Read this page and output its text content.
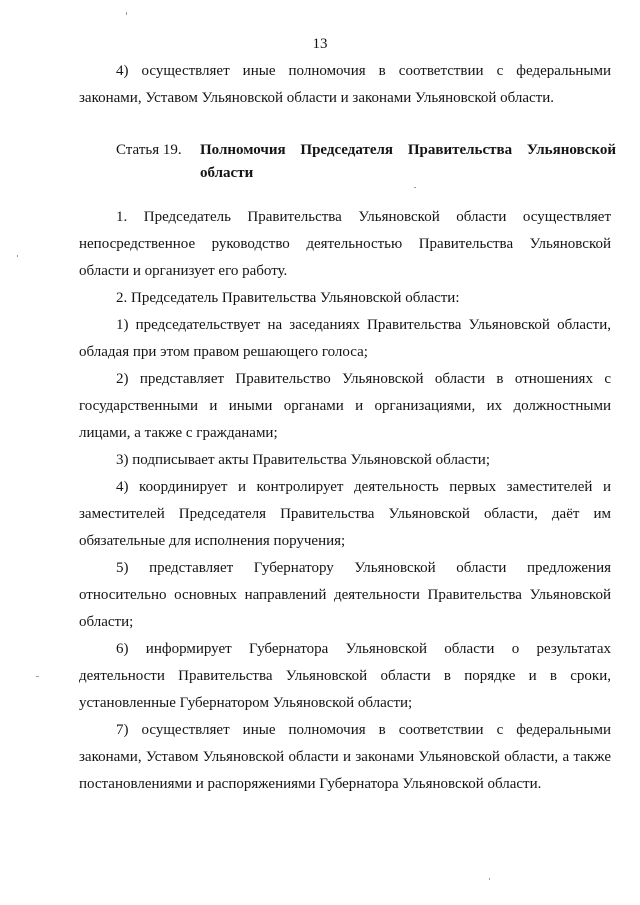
13

4) осуществляет иные полномочия в соответствии с федеральными законами, Уставом Ульяновской области и законами Ульяновской области.

Статья 19. Полномочия Председателя Правительства Ульяновской области

1. Председатель Правительства Ульяновской области осуществляет непосредственное руководство деятельностью Правительства Ульяновской области и организует его работу.

2. Председатель Правительства Ульяновской области:

1) председательствует на заседаниях Правительства Ульяновской области, обладая при этом правом решающего голоса;

2) представляет Правительство Ульяновской области в отношениях с государственными и иными органами и организациями, их должностными лицами, а также с гражданами;

3) подписывает акты Правительства Ульяновской области;

4) координирует и контролирует деятельность первых заместителей и заместителей Председателя Правительства Ульяновской области, даёт им обязательные для исполнения поручения;

5) представляет Губернатору Ульяновской области предложения относительно основных направлений деятельности Правительства Ульяновской области;

6) информирует Губернатора Ульяновской области о результатах деятельности Правительства Ульяновской области в порядке и в сроки, установленные Губернатором Ульяновской области;

7) осуществляет иные полномочия в соответствии с федеральными законами, Уставом Ульяновской области и законами Ульяновской области, а также постановлениями и распоряжениями Губернатора Ульяновской области.
